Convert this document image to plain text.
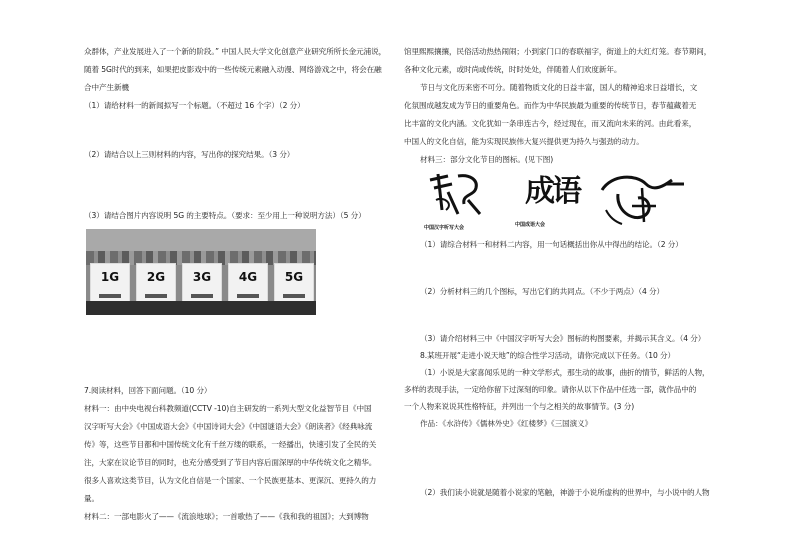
众群体，产业发展进入了一个新的阶段。” 中国人民大学文化创意产业研究所所长金元浦说，
随着 5G时代的到来，如果把皮影戏中的一些传统元素融入动漫、网络游戏之中，将会在融
合中产生新機
（1）请给材料一的新闻拟写一个标题。（不超过 16 个字）（2 分）
（2）请结合以上三则材料的内容，写出你的探究结果。（3 分）
（3）请结合图片内容说明 5G 的主要特点。（要求：至少用上一种说明方法）（5 分）
1G	2G	3G	4G	5G
7.阅读材料，回答下面问题。（10 分）
材料一：由中央电视台科教频道(CCTV -10)自主研发的一系列大型文化益智节目《中国
汉字听写大会》《中国成语大会》《中国诗词大会》《中国谜语大会》《朗读者》《经典咏流
传》等，这些节目都和中国传统文化有千丝万缕的联系，一经播出，快速引发了全民的关
注，大家在议论节目的同时，也充分感受到了节目内容后面深厚的中华传统文化之精华。
很多人喜欢这类节目，认为文化自信是一个国家、一个民族更基本、更深沉、更持久的力
量。
材料二：一部电影火了——《流浪地球》；一首歌热了——《我和我的祖国》；大到博物
馆里熙熙攘攘，民俗活动热热闹闹；小到家门口的春联福字，街道上的大红灯笼。春节期间，
各种文化元素，或时尚或传统，时时处处，伴随着人们欢度新年。
节日与文化历来密不可分。随着物质文化的日益丰富，国人的精神追求日益增长，文
化氛围成越发成为节日的重要角色。而作为中华民族最为重要的传统节日，春节蕴藏着无
比丰富的文化内涵。文化犹如一条串连古今，经过现在，而又流向未来的河。由此看来，
中国人的文化自信，能为实现民族伟大复兴提供更为持久与强劲的动力。
材料三：部分文化节目的图标。(见下图)
中国汉字听写大会
成语
中国成语大会
（1）请综合材料一和材料二内容，用一句话概括出你从中得出的结论。（2 分）
（2）分析材料三的几个图标，写出它们的共同点。（不少于两点）（4 分）
（3）请介绍材料三中《中国汉字听写大会》图标的构图要素，并揭示其含义。（4 分）
8.某班开展“走进小说天地”的综合性学习活动，请你完成以下任务。（10 分）
（1）小说是大家喜闻乐见的一种文学形式，那生动的故事，曲折的情节，鲜活的人物，
多样的表现手法，一定给你留下过深刻的印象。请你从以下作品中任选一部，就作品中的
一个人物来说说其性格特征，并列出一个与之相关的故事情节。(3 分)
作品：《水浒传》《儒林外史》《红楼梦》《三国演义》
（2）我们读小说就是随着小说家的笔触，神游于小说所虚构的世界中，与小说中的人物
